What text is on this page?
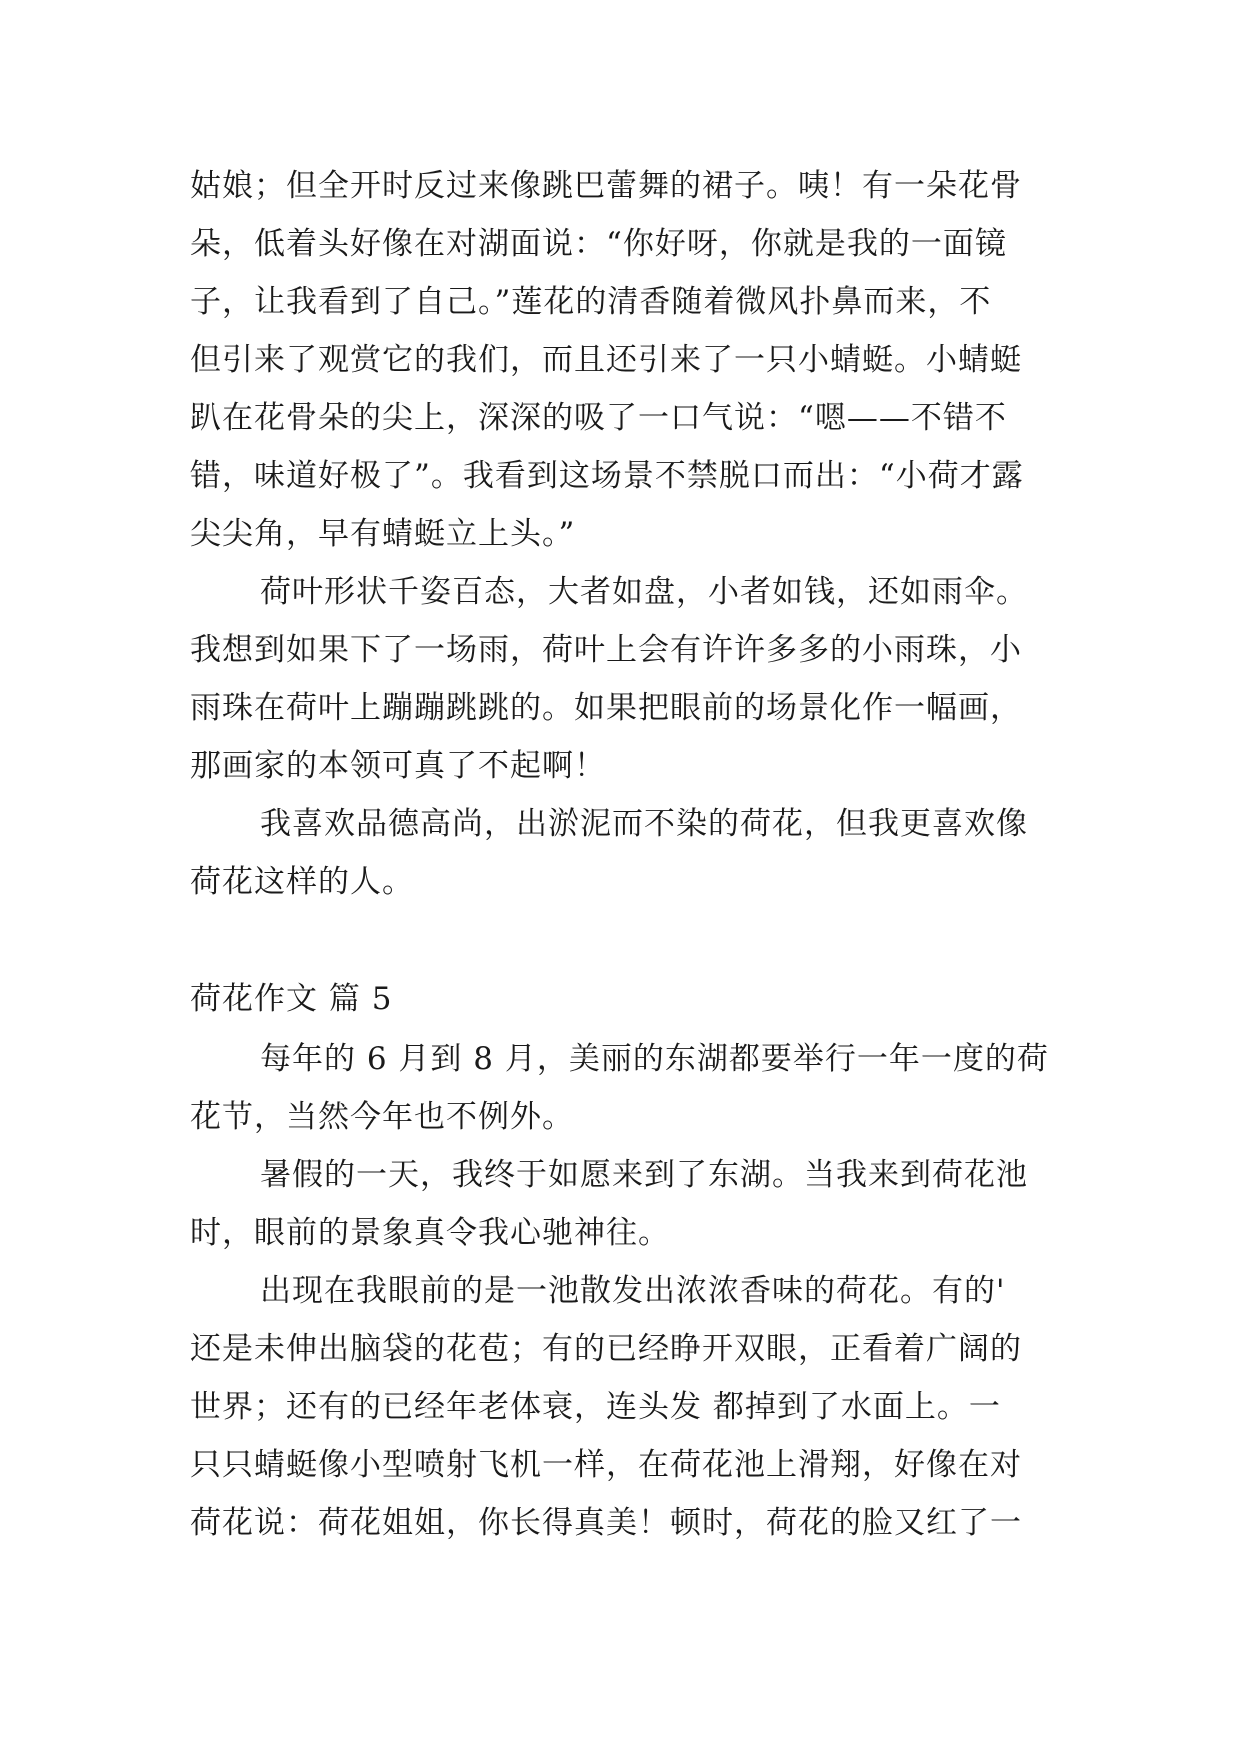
姑娘；但全开时反过来像跳巴蕾舞的裙子。咦！有一朵花骨
朵，低着头好像在对湖面说：“你好呀，你就是我的一面镜
子，让我看到了自己。”莲花的清香随着微风扑鼻而来，不
但引来了观赏它的我们，而且还引来了一只小蜻蜓。小蜻蜓
趴在花骨朵的尖上，深深的吸了一口气说：“嗯——不错不
错，味道好极了”。我看到这场景不禁脱口而出：“小荷才露
尖尖角，早有蜻蜓立上头。”
荷叶形状千姿百态，大者如盘，小者如钱，还如雨伞。
我想到如果下了一场雨，荷叶上会有许许多多的小雨珠，小
雨珠在荷叶上蹦蹦跳跳的。如果把眼前的场景化作一幅画，
那画家的本领可真了不起啊！
我喜欢品德高尚，出淤泥而不染的荷花，但我更喜欢像
荷花这样的人。
荷花作文 篇 5
每年的 6 月到 8 月，美丽的东湖都要举行一年一度的荷
花节，当然今年也不例外。
暑假的一天，我终于如愿来到了东湖。当我来到荷花池
时，眼前的景象真令我心驰神往。
出现在我眼前的是一池散发出浓浓香味的荷花。有的'
还是未伸出脑袋的花苞；有的已经睁开双眼，正看着广阔的
世界；还有的已经年老体衰，连头发 都掉到了水面上。一
只只蜻蜓像小型喷射飞机一样，在荷花池上滑翔，好像在对
荷花说：荷花姐姐，你长得真美！顿时，荷花的脸又红了一
